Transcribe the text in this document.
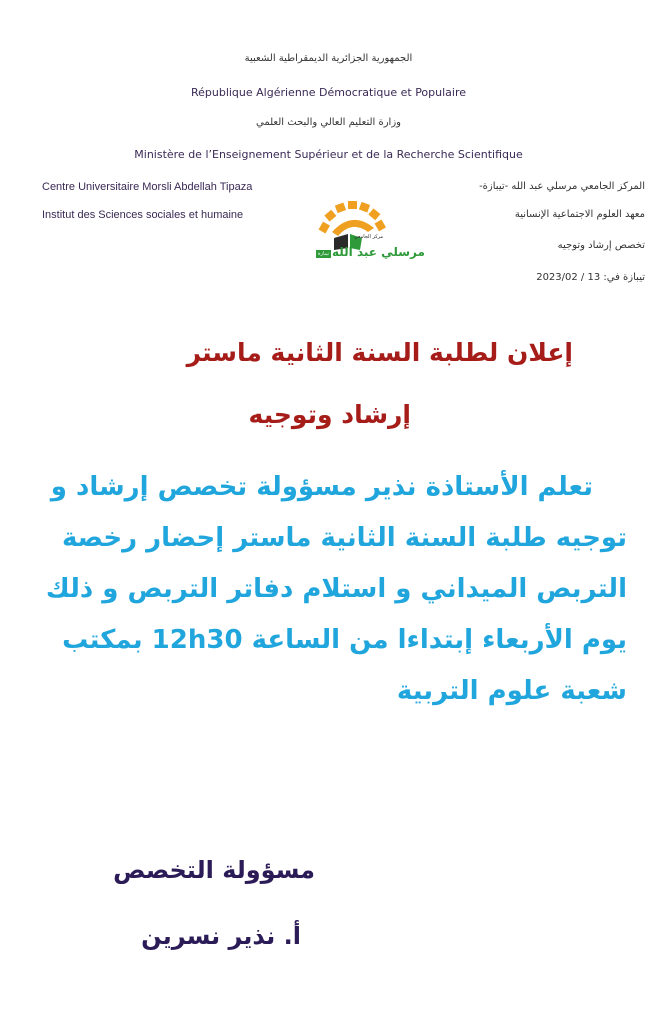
الجمهورية الجزائرية الديمقراطية الشعبية
République Algérienne Démocratique et Populaire
وزارة التعليم العالي والبحث العلمي
Ministère de l’Enseignement Supérieur et de la Recherche Scientifique
Centre Universitaire Morsli Abdellah Tipaza
Institut des Sciences sociales et humaine
المركز الجامعي مرسلي عبد الله -تيبازة-
معهد العلوم الاجتماعية الإنسانية
تخصص إرشاد وتوجيه
تيبازة في: 13 / 2023/02
مركز الجامعي
مرسلي عبد الله
تيبازة
إعلان لطلبة السنة الثانية ماستر
إرشاد وتوجيه
تعلم الأستاذة نذير مسؤولة تخصص إرشاد و
توجيه طلبة السنة الثانية ماستر إحضار رخصة
التربص الميداني و استلام دفاتر التربص و ذلك
يوم الأربعاء إبتداءا من الساعة 12h30 بمكتب
شعبة علوم التربية
مسؤولة التخصص
أ. نذير نسرين
